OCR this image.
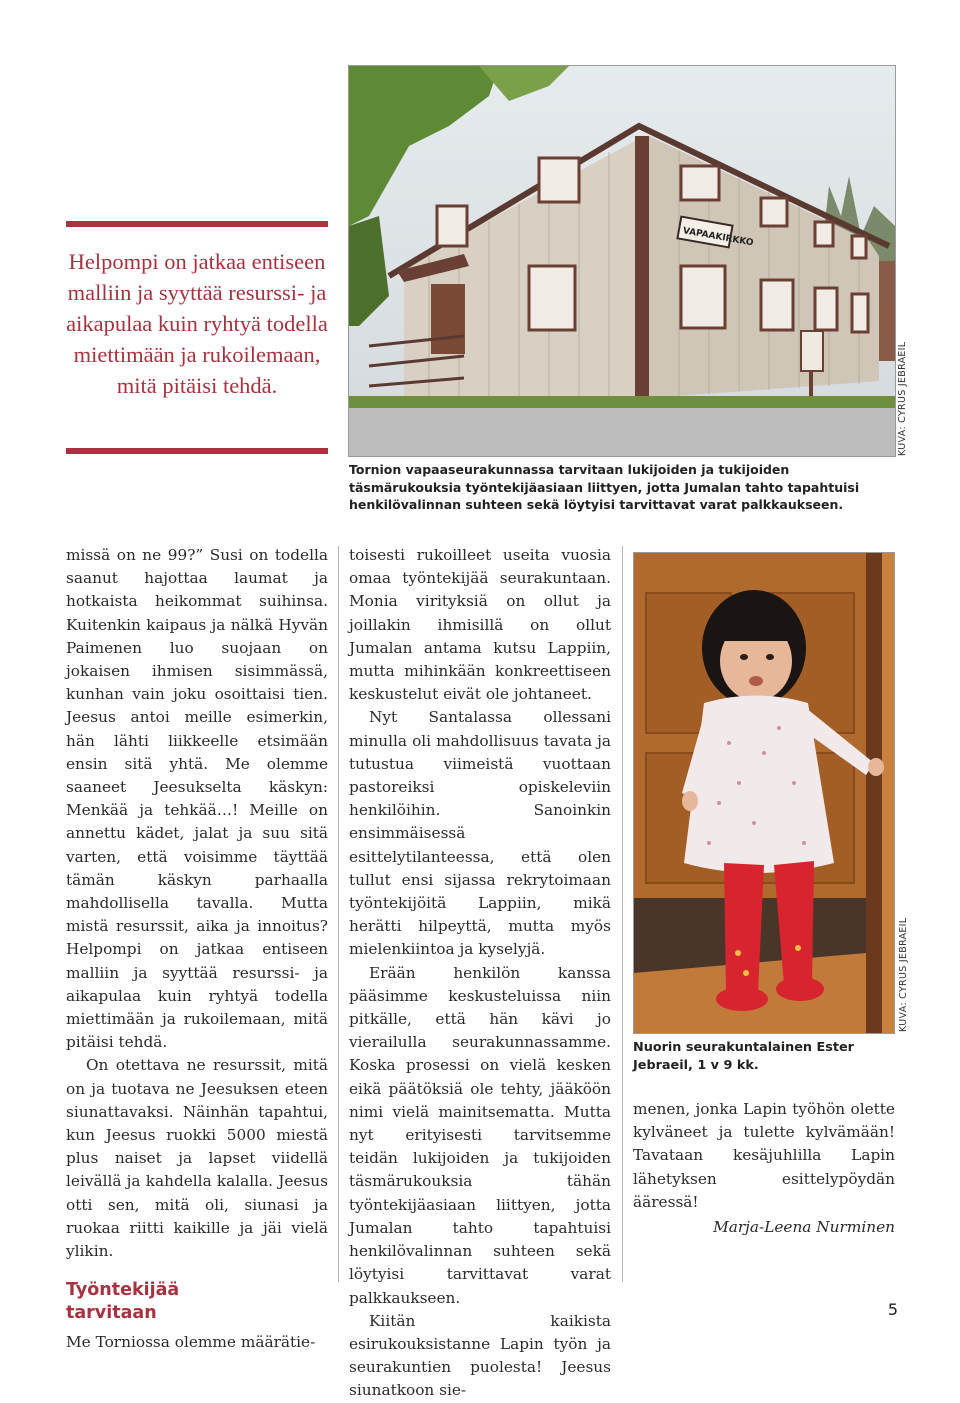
Helpompi on jatkaa entiseen malliin ja syyttää resurssi- ja aikapulaa kuin ryhtyä todella miettimään ja rukoilemaan, mitä pitäisi tehdä.
VAPAAKIRKKO
KUVA: CYRUS JEBRAEIL
Tornion vapaaseurakunnassa tarvitaan lukijoiden ja tukijoiden täsmärukouksia työntekijäasiaan liittyen, jotta Jumalan tahto tapahtuisi henkilövalinnan suhteen sekä löytyisi tarvittavat varat palkkaukseen.

missä on ne 99?” Susi on todella saanut hajottaa laumat ja hotkaista heikommat suihinsa. Kuitenkin kaipaus ja nälkä Hyvän Paimenen luo suojaan on jokaisen ihmisen sisimmässä, kunhan vain joku osoittaisi tien. Jeesus antoi meille esimerkin, hän lähti liikkeelle etsimään ensin sitä yhtä. Me olemme saaneet Jeesukselta käskyn: Menkää ja tehkää…! Meille on annettu kädet, jalat ja suu sitä varten, että voisimme täyttää tämän käskyn parhaalla mahdollisella tavalla. Mutta mistä resurssit, aika ja innoitus? Helpompi on jatkaa entiseen malliin ja syyttää resurssi- ja aikapulaa kuin ryhtyä todella miettimään ja rukoilemaan, mitä pitäisi tehdä.

On otettava ne resurssit, mitä on ja tuotava ne Jeesuksen eteen siunattavaksi. Näinhän tapahtui, kun Jeesus ruokki 5000 miestä plus naiset ja lapset viidellä leivällä ja kahdella kalalla. Jeesus otti sen, mitä oli, siunasi ja ruokaa riitti kaikille ja jäi vielä ylikin.

Työntekijää
tarvitaan

Me Torniossa olemme määrätie-

toisesti rukoilleet useita vuosia omaa työntekijää seurakuntaan. Monia virityksiä on ollut ja joillakin ihmisillä on ollut Jumalan antama kutsu Lappiin, mutta mihinkään konkreettiseen keskustelut eivät ole johtaneet.

Nyt Santalassa ollessani minulla oli mahdollisuus tavata ja tutustua viimeistä vuottaan pastoreiksi opiskeleviin henkilöihin. Sanoinkin ensimmäisessä esittelytilanteessa, että olen tullut ensi sijassa rekrytoimaan työntekijöitä Lappiin, mikä herätti hilpeyttä, mutta myös mielenkiintoa ja kyselyjä.

Erään henkilön kanssa pääsimme keskusteluissa niin pitkälle, että hän kävi jo vierailulla seurakunnassamme. Koska prosessi on vielä kesken eikä päätöksiä ole tehty, jääköön nimi vielä mainitsematta. Mutta nyt erityisesti tarvitsemme teidän lukijoiden ja tukijoiden täsmärukouksia tähän työntekijäasiaan liittyen, jotta Jumalan tahto tapahtuisi henkilövalinnan suhteen sekä löytyisi tarvittavat varat palkkaukseen.

Kiitän kaikista esirukouksistanne Lapin työn ja seurakuntien puolesta! Jeesus siunatkoon sie-

KUVA: CYRUS JEBRAEIL
Nuorin seurakuntalainen Ester Jebraeil, 1 v 9 kk.

menen, jonka Lapin työhön olette kylväneet ja tulette kylvämään! Tavataan kesäjuhlilla Lapin lähetyksen esittelypöydän ääressä!

Marja-Leena Nurminen
5
